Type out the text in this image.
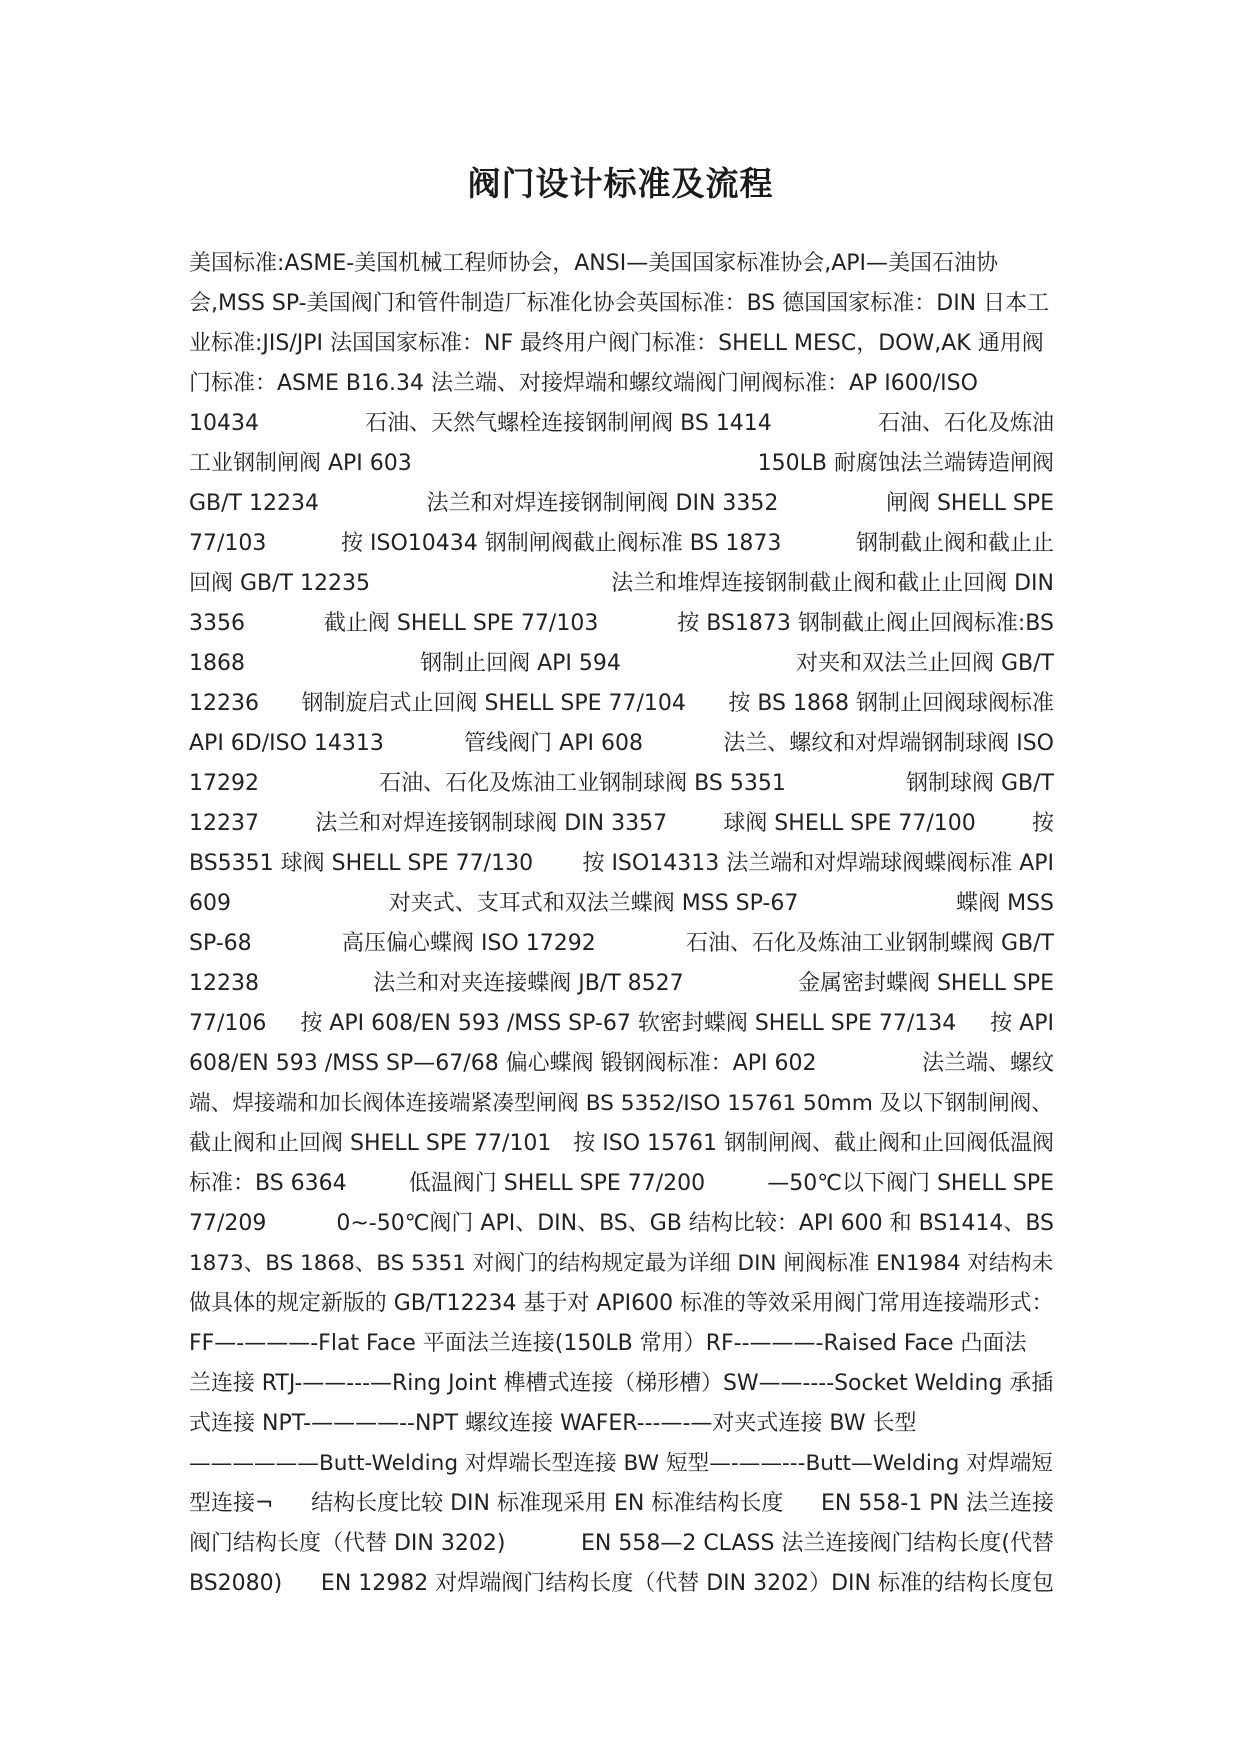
阀门设计标准及流程
美国标准:ASME-美国机械工程师协会，ANSI—美国国家标准协会,API—美国石油协
会,MSS SP-美国阀门和管件制造厂标准化协会英国标准：BS 德国国家标准：DIN 日本工
业标准:JIS/JPI 法国国家标准：NF 最终用户阀门标准：SHELL MESC，DOW,AK 通用阀
门标准：ASME B16.34 法兰端、对接焊端和螺纹端阀门闸阀标准：AP I600/ISO
10434	石油、天然气螺栓连接钢制闸阀 BS 1414	石油、石化及炼油
工业钢制闸阀 API 603	150LB 耐腐蚀法兰端铸造闸阀
GB/T 12234	法兰和对焊连接钢制闸阀 DIN 3352	闸阀 SHELL SPE
77/103	按 ISO10434 钢制闸阀截止阀标准 BS 1873	钢制截止阀和截止止
回阀 GB/T 12235	法兰和堆焊连接钢制截止阀和截止止回阀 DIN
3356	截止阀 SHELL SPE 77/103	按 BS1873 钢制截止阀止回阀标准:BS
1868	钢制止回阀 API 594	对夹和双法兰止回阀 GB/T
12236 钢制旋启式止回阀 SHELL SPE 77/104 按 BS 1868 钢制止回阀球阀标准
API 6D/ISO 14313	管线阀门 API 608	法兰、螺纹和对焊端钢制球阀 ISO
17292	石油、石化及炼油工业钢制球阀 BS 5351	钢制球阀 GB/T
12237	法兰和对焊连接钢制球阀 DIN 3357	球阀 SHELL SPE 77/100	按
BS5351 球阀 SHELL SPE 77/130 按 ISO14313 法兰端和对焊端球阀蝶阀标准 API
609	对夹式、支耳式和双法兰蝶阀 MSS SP-67	蝶阀 MSS
SP-68	高压偏心蝶阀 ISO 17292	石油、石化及炼油工业钢制蝶阀 GB/T
12238	法兰和对夹连接蝶阀 JB/T 8527	金属密封蝶阀 SHELL SPE
77/106 按 API 608/EN 593 /MSS SP-67 软密封蝶阀 SHELL SPE 77/134 按 API
608/EN 593 /MSS SP—67/68 偏心蝶阀 锻钢阀标准：API 602	法兰端、螺纹
端、焊接端和加长阀体连接端紧凑型闸阀 BS 5352/ISO 15761 50mm 及以下钢制闸阀、
截止阀和止回阀 SHELL SPE 77/101 按 ISO 15761 钢制闸阀、截止阀和止回阀低温阀
标准：BS 6364	低温阀门 SHELL SPE 77/200	—50℃以下阀门 SHELL SPE
77/209	0~-50℃阀门 API、DIN、BS、GB 结构比较：API 600 和 BS1414、BS
1873、BS 1868、BS 5351 对阀门的结构规定最为详细 DIN 闸阀标准 EN1984 对结构未
做具体的规定新版的 GB/T12234 基于对 API600 标准的等效采用阀门常用连接端形式：
FF—-———-Flat Face 平面法兰连接(150LB 常用）RF--———-Raised Face 凸面法
兰连接 RTJ-——---—Ring Joint 榫槽式连接（梯形槽）SW——----Socket Welding 承插
式连接 NPT-————--NPT 螺纹连接 WAFER---—-—对夹式连接 BW 长型
——————Butt-Welding 对焊端长型连接 BW 短型—-——---Butt—Welding 对焊端短
型连接¬ 结构长度比较 DIN 标准现采用 EN 标准结构长度 EN 558-1 PN 法兰连接
阀门结构长度（代替 DIN 3202)	EN 558—2 CLASS 法兰连接阀门结构长度(代替
BS2080) EN 12982 对焊端阀门结构长度（代替 DIN 3202）DIN 标准的结构长度包
